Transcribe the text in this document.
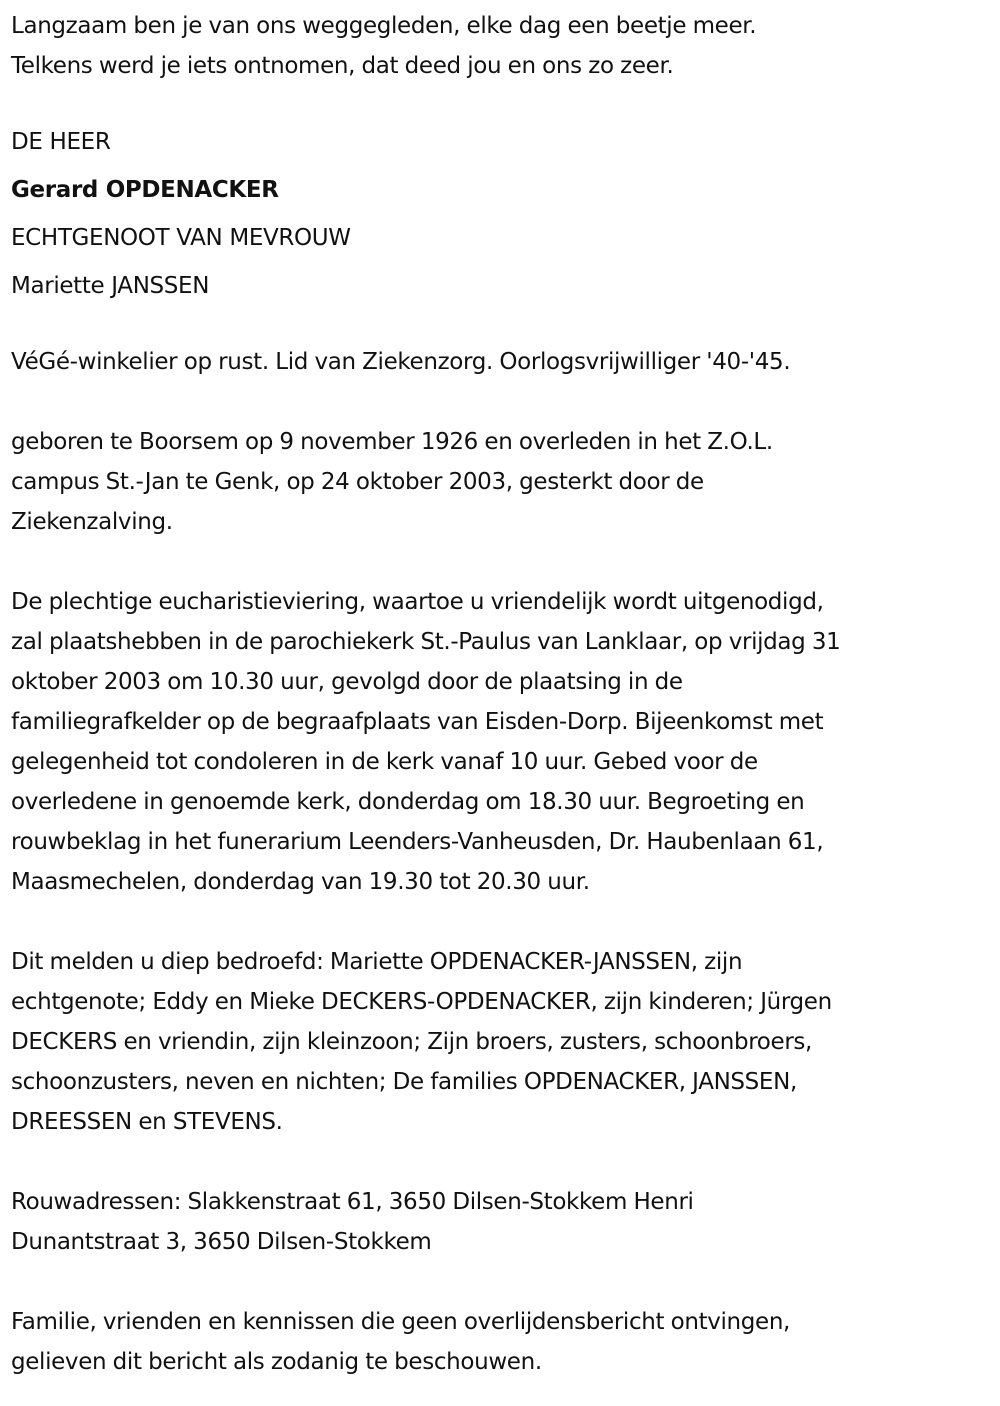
Langzaam ben je van ons weggegleden, elke dag een beetje meer.
Telkens werd je iets ontnomen, dat deed jou en ons zo zeer.
DE HEER
Gerard OPDENACKER
ECHTGENOOT VAN MEVROUW
Mariette JANSSEN
VéGé-winkelier op rust. Lid van Ziekenzorg. Oorlogsvrijwilliger '40-'45.
geboren te Boorsem op 9 november 1926 en overleden in het Z.O.L.
campus St.-Jan te Genk, op 24 oktober 2003, gesterkt door de
Ziekenzalving.
De plechtige eucharistieviering, waartoe u vriendelijk wordt uitgenodigd,
zal plaatshebben in de parochiekerk St.-Paulus van Lanklaar, op vrijdag 31
oktober 2003 om 10.30 uur, gevolgd door de plaatsing in de
familiegrafkelder op de begraafplaats van Eisden-Dorp. Bijeenkomst met
gelegenheid tot condoleren in de kerk vanaf 10 uur. Gebed voor de
overledene in genoemde kerk, donderdag om 18.30 uur. Begroeting en
rouwbeklag in het funerarium Leenders-Vanheusden, Dr. Haubenlaan 61,
Maasmechelen, donderdag van 19.30 tot 20.30 uur.
Dit melden u diep bedroefd: Mariette OPDENACKER-JANSSEN, zijn
echtgenote; Eddy en Mieke DECKERS-OPDENACKER, zijn kinderen; Jürgen
DECKERS en vriendin, zijn kleinzoon; Zijn broers, zusters, schoonbroers,
schoonzusters, neven en nichten; De families OPDENACKER, JANSSEN,
DREESSEN en STEVENS.
Rouwadressen: Slakkenstraat 61, 3650 Dilsen-Stokkem Henri
Dunantstraat 3, 3650 Dilsen-Stokkem
Familie, vrienden en kennissen die geen overlijdensbericht ontvingen,
gelieven dit bericht als zodanig te beschouwen.
